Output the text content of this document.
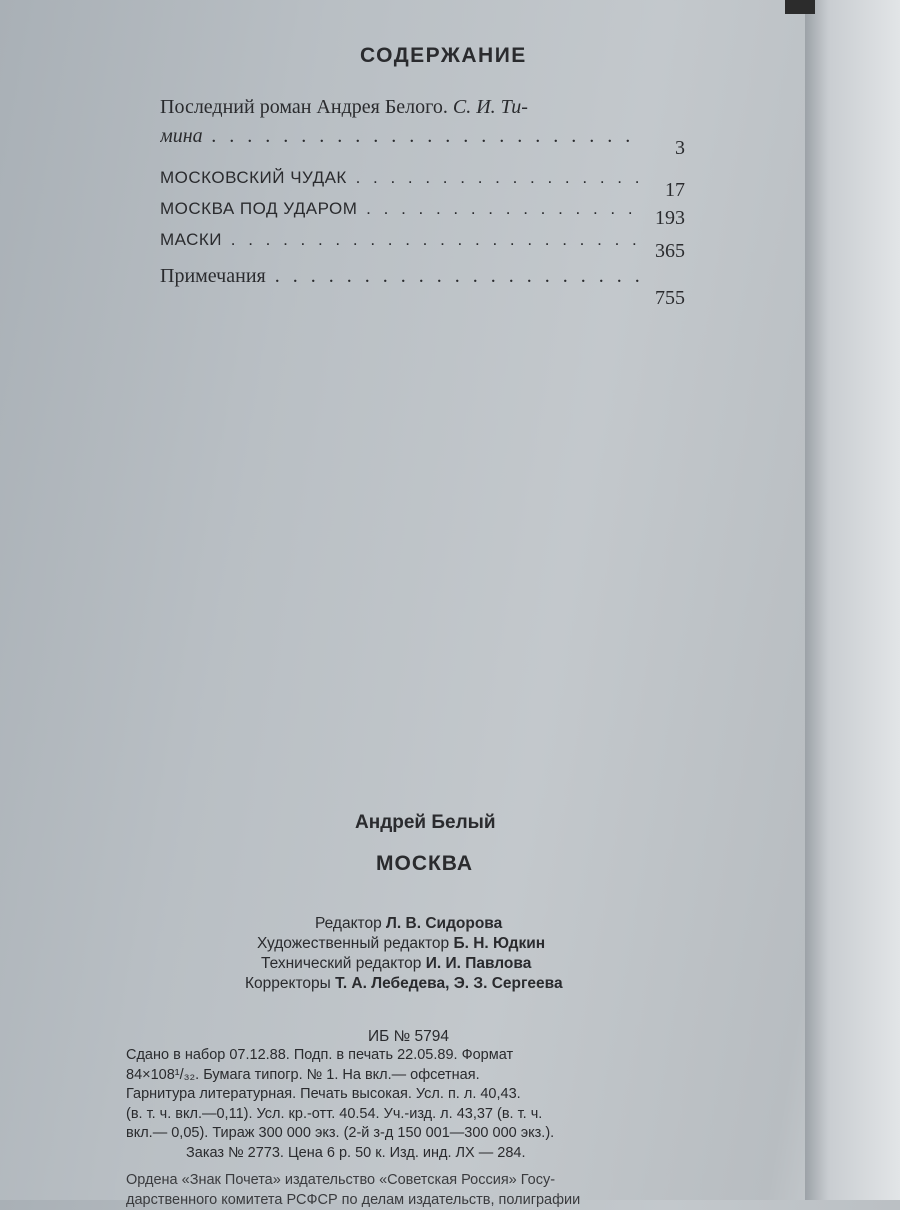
СОДЕРЖАНИЕ
Последний роман Андрея Белого. С. И. Ти-
мина . . .
3
МОСКОВСКИЙ ЧУДАК . . .
17
МОСКВА ПОД УДАРОМ . . .	193
МАСКИ . . .
365
Примечания . . .
755
Андрей Белый
МОСКВА
Редактор Л. В. Сидорова
Художественный редактор Б. Н. Юдкин
Технический редактор И. И. Павлова
Корректоры Т. А. Лебедева, Э. З. Сергеева
ИБ № 5794
Сдано в набор 07.12.88. Подп. в печать 22.05.89. Формат
84×108¹/₃₂. Бумага типогр. № 1. На вкл.— офсетная.
Гарнитура литературная. Печать высокая. Усл. п. л. 40,43.
(в. т. ч. вкл.—0,11). Усл. кр.-отт. 40.54. Уч.-изд. л. 43,37 (в. т. ч.
вкл.— 0,05). Тираж 300 000 экз. (2-й з-д 150 001—300 000 экз.).
Заказ № 2773. Цена 6 р. 50 к. Изд. инд. ЛХ — 284.
Ордена «Знак Почета» издательство «Советская Россия» Госу-
дарственного комитета РСФСР по делам издательств, полиграфии
